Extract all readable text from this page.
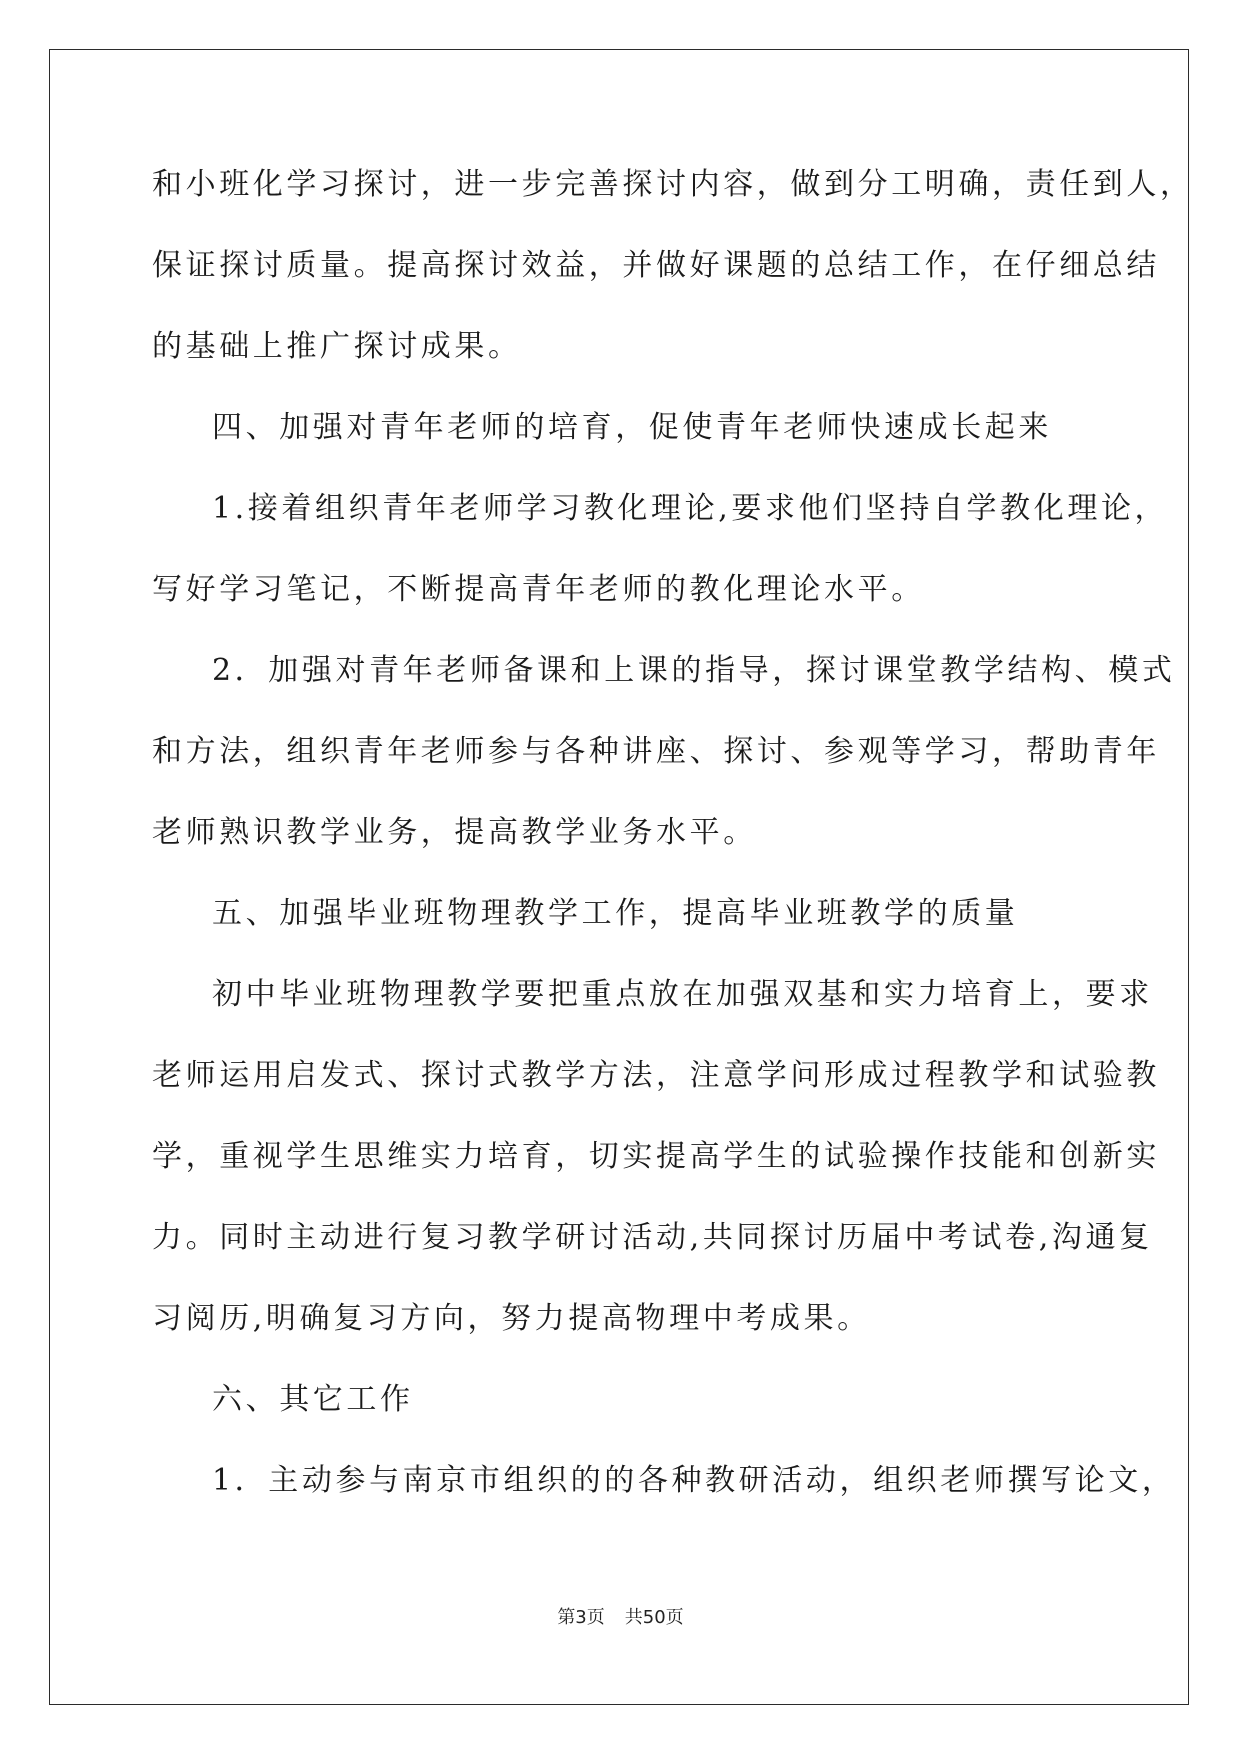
和小班化学习探讨，进一步完善探讨内容，做到分工明确，责任到人，
保证探讨质量。提高探讨效益，并做好课题的总结工作，在仔细总结
的基础上推广探讨成果。
四、加强对青年老师的培育，促使青年老师快速成长起来
1.接着组织青年老师学习教化理论,要求他们坚持自学教化理论，
写好学习笔记，不断提高青年老师的教化理论水平。
2．加强对青年老师备课和上课的指导，探讨课堂教学结构、模式
和方法，组织青年老师参与各种讲座、探讨、参观等学习，帮助青年
老师熟识教学业务，提高教学业务水平。
五、加强毕业班物理教学工作，提高毕业班教学的质量
初中毕业班物理教学要把重点放在加强双基和实力培育上，要求
老师运用启发式、探讨式教学方法，注意学问形成过程教学和试验教
学，重视学生思维实力培育，切实提高学生的试验操作技能和创新实
力。同时主动进行复习教学研讨活动,共同探讨历届中考试卷,沟通复
习阅历,明确复习方向，努力提高物理中考成果。
六、其它工作
1．主动参与南京市组织的的各种教研活动，组织老师撰写论文，
第3页 共50页
